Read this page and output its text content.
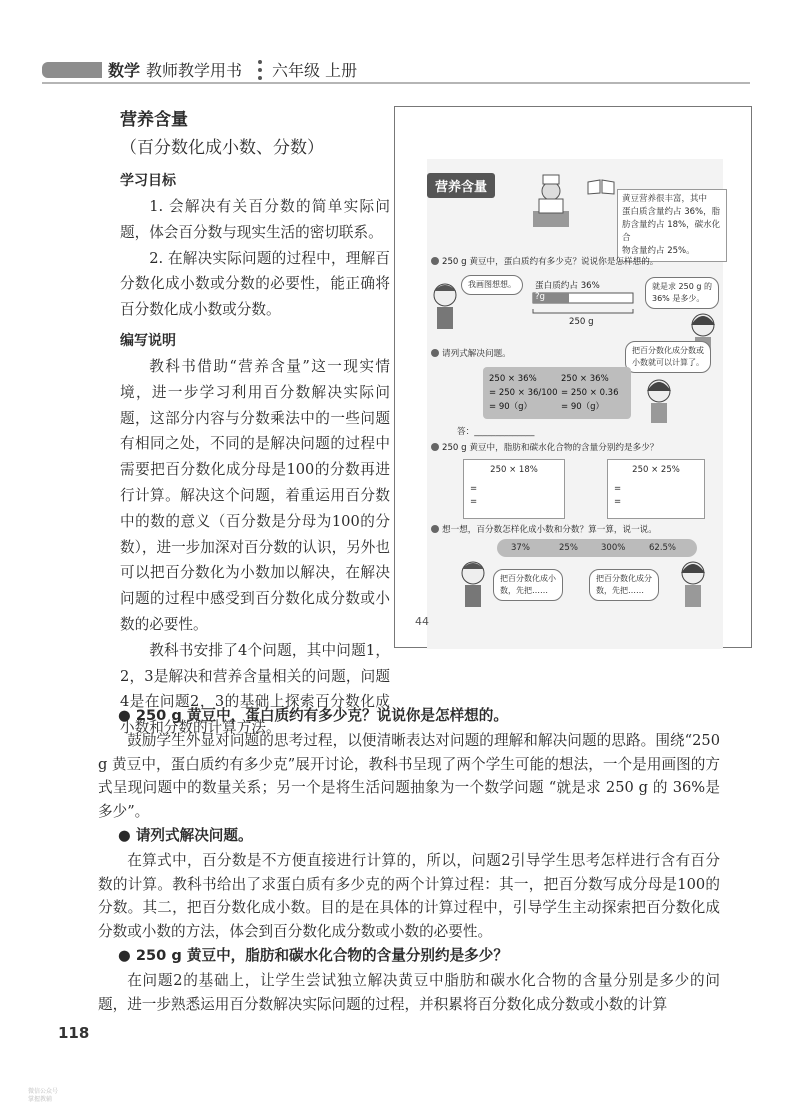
数学 教师教学用书 六年级 上册
营养含量（百分数化成小数、分数）
学习目标

1. 会解决有关百分数的简单实际问题，体会百分数与现实生活的密切联系。

2. 在解决实际问题的过程中，理解百分数化成小数或分数的必要性，能正确将百分数化成小数或分数。

编写说明

教科书借助“营养含量”这一现实情境，进一步学习利用百分数解决实际问题，这部分内容与分数乘法中的一些问题有相同之处，不同的是解决问题的过程中需要把百分数化成分母是100的分数再进行计算。解决这个问题，着重运用百分数中的数的意义（百分数是分母为100的分数），进一步加深对百分数的认识，另外也可以把百分数化为小数加以解决，在解决问题的过程中感受到百分数化成分数或小数的必要性。

教科书安排了4个问题，其中问题1，2，3是解决和营养含量相关的问题，问题4是在问题2，3的基础上探索百分数化成小数和分数的计算方法。

营养含量
黄豆营养很丰富，其中
蛋白质含量约占 36%，脂
肪含量约占 18%，碳水化合
物含量约占 25%。
250 g 黄豆中，蛋白质约有多少克？说说你是怎样想的。
我画图想想。	蛋白质约占 36%
?g
250 g
就是求 250 g 的
36% 是多少。
请列式解决问题。	把百分数化成分数或
小数就可以计算了。
250 × 36%
= 250 × 36/100
= 90（g）
250 × 36%
= 250 × 0.36
= 90（g）
答：______________
250 g 黄豆中，脂肪和碳水化合物的含量分别约是多少？
250 × 18%
=
=
250 × 25%
=
=
想一想，百分数怎样化成小数和分数？算一算，说一说。
37%	25%	300%	62.5%
把百分数化成小
数，先把……
把百分数化成分
数，先把……
44
● 250 g 黄豆中，蛋白质约有多少克？说说你是怎样想的。

鼓励学生外显对问题的思考过程，以便清晰表达对问题的理解和解决问题的思路。围绕“250 g 黄豆中，蛋白质约有多少克”展开讨论，教科书呈现了两个学生可能的想法，一个是用画图的方式呈现问题中的数量关系；另一个是将生活问题抽象为一个数学问题 “就是求 250 g 的 36%是多少”。

● 请列式解决问题。

在算式中，百分数是不方便直接进行计算的，所以，问题2引导学生思考怎样进行含有百分数的计算。教科书给出了求蛋白质有多少克的两个计算过程：其一，把百分数写成分母是100的分数。其二，把百分数化成小数。目的是在具体的计算过程中，引导学生主动探索把百分数化成分数或小数的方法，体会到百分数化成分数或小数的必要性。

● 250 g 黄豆中，脂肪和碳水化合物的含量分别约是多少？

在问题2的基础上，让学生尝试独立解决黄豆中脂肪和碳水化合物的含量分别是多少的问题，进一步熟悉运用百分数解决实际问题的过程，并积累将百分数化成分数或小数的计算

118
微信公众号
掌握教辅
